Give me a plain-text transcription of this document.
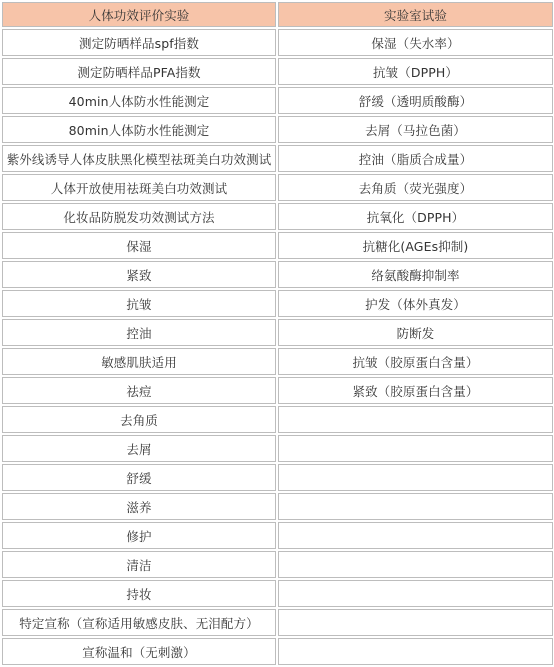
人体功效评价实验	实验室试验
测定防晒样品spf指数	保湿（失水率）
测定防晒样品PFA指数	抗皱（DPPH）
40min人体防水性能测定	舒缓（透明质酸酶）
80min人体防水性能测定	去屑（马拉色菌）
紫外线诱导人体皮肤黑化模型祛斑美白功效测试	控油（脂质合成量）
人体开放使用祛斑美白功效测试	去角质（荧光强度）
化妆品防脱发功效测试方法	抗氧化（DPPH）
保湿	抗糖化(AGEs抑制)
紧致	络氨酸酶抑制率
抗皱	护发（体外真发）
控油	防断发
敏感肌肤适用	抗皱（胶原蛋白含量）
祛痘	紧致（胶原蛋白含量）
去角质	
去屑	
舒缓	
滋养	
修护	
清洁	
持妆	
特定宣称（宣称适用敏感皮肤、无泪配方）	
宣称温和（无刺激）	
